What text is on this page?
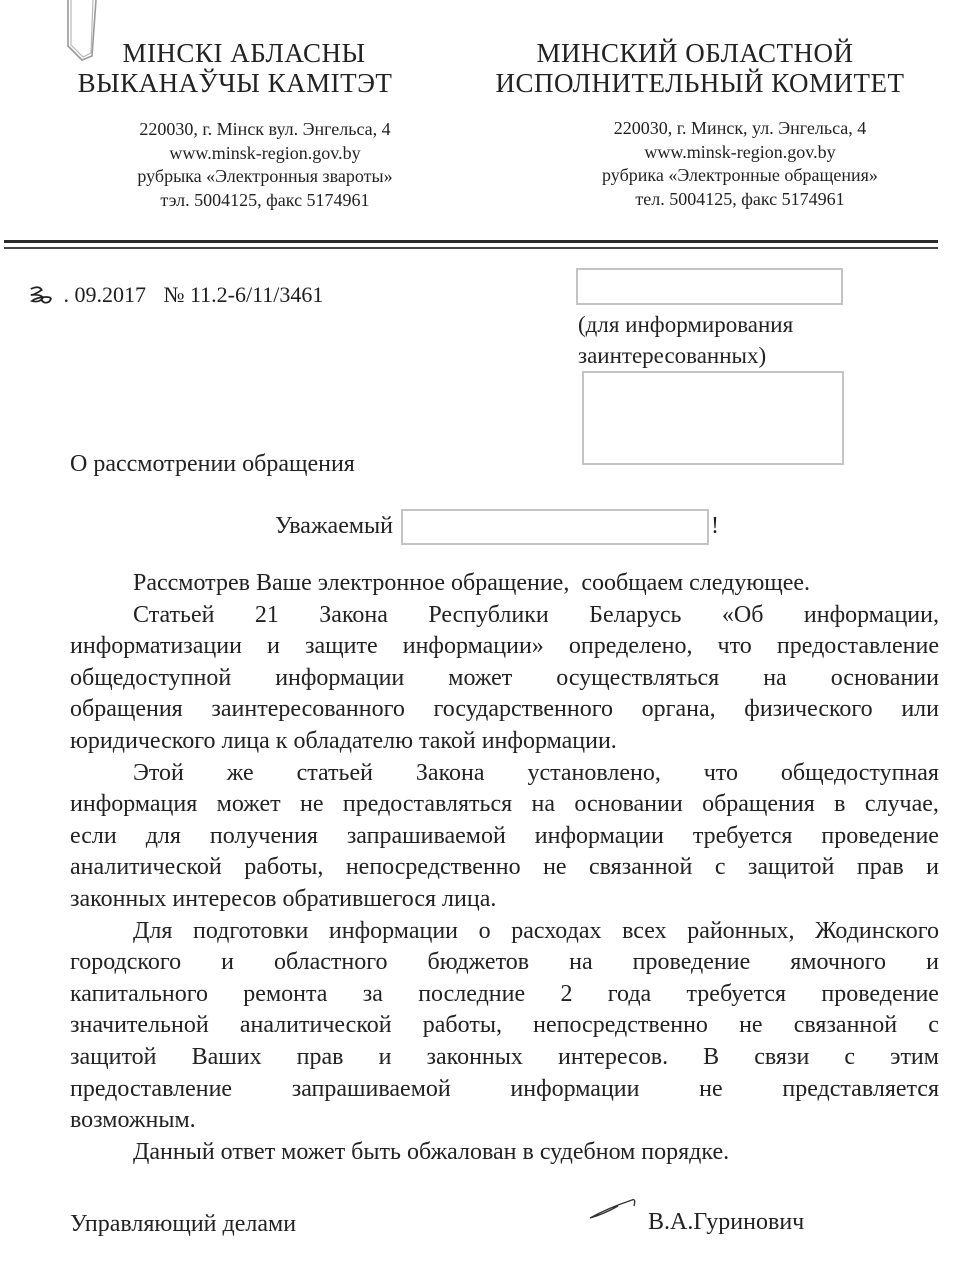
МІНСКІ АБЛАСНЫ
ВЫКАНАЎЧЫ КАМІТЭТ
220030, г. Мінск вул. Энгельса, 4
www.minsk-region.gov.by
рубрыка «Электронныя звароты»
тэл. 5004125, факс 5174961
МИНСКИЙ ОБЛАСТНОЙ
ИСПОЛНИТЕЛЬНЫЙ КОМИТЕТ
220030, г. Минск, ул. Энгельса, 4
www.minsk-region.gov.by
рубрика «Электронные обращения»
тел. 5004125, факс 5174961
. 09.2017 № 11.2-6/11/3461
(для информирования
заинтересованных)
О рассмотрении обращения
Уважаемый	!
Рассмотрев Ваше электронное обращение,  сообщаем следующее.
Статьей 21 Закона Республики Беларусь «Об информации,
информатизации и защите информации» определено, что предоставление
общедоступной информации может осуществляться на основании
обращения заинтересованного государственного органа, физического или
юридического лица к обладателю такой информации.
Этой же статьей Закона установлено, что общедоступная
информация может не предоставляться на основании обращения в случае,
если для получения запрашиваемой информации требуется проведение
аналитической работы, непосредственно не связанной с защитой прав и
законных интересов обратившегося лица.
Для подготовки информации о расходах всех районных, Жодинского
городского и областного бюджетов на проведение ямочного и
капитального ремонта за последние 2 года требуется проведение
значительной аналитической работы, непосредственно не связанной с
защитой Ваших прав и законных интересов. В связи с этим
предоставление запрашиваемой информации не представляется
возможным.
Данный ответ может быть обжалован в судебном порядке.
Управляющий делами	В.А.Гуринович
